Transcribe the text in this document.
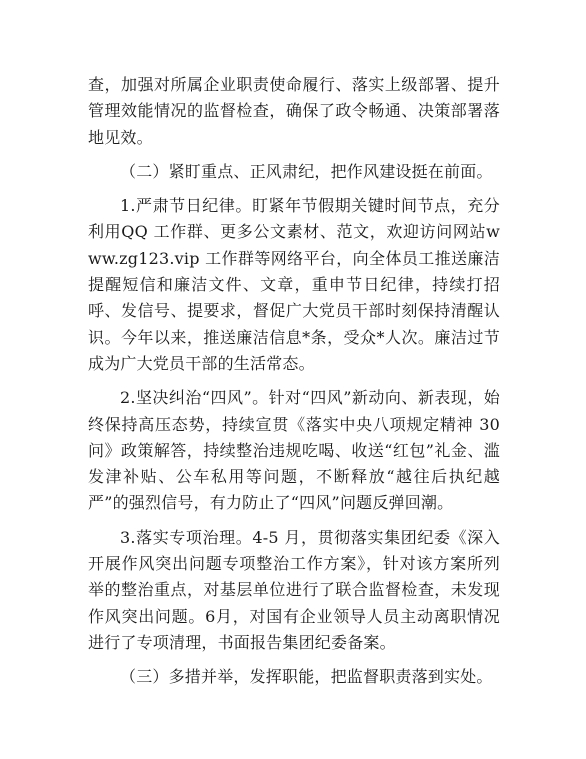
查，加强对所属企业职责使命履行、落实上级部署、提升管理效能情况的监督检查，确保了政令畅通、决策部署落地见效。

（二）紧盯重点、正风肃纪，把作风建设挺在前面。

1.严肃节日纪律。盯紧年节假期关键时间节点，充分利用QQ 工作群、更多公文素材、范文，欢迎访问网站www.zg123.vip 工作群等网络平台，向全体员工推送廉洁提醒短信和廉洁文件、文章，重申节日纪律，持续打招呼、发信号、提要求，督促广大党员干部时刻保持清醒认识。今年以来，推送廉洁信息*条，受众*人次。廉洁过节成为广大党员干部的生活常态。

2.坚决纠治“四风”。针对“四风”新动向、新表现，始终保持高压态势，持续宣贯《落实中央八项规定精神 30 问》政策解答，持续整治违规吃喝、收送“红包”礼金、滥发津补贴、公车私用等问题，不断释放“越往后执纪越严”的强烈信号，有力防止了“四风”问题反弹回潮。

3.落实专项治理。4-5 月，贯彻落实集团纪委《深入开展作风突出问题专项整治工作方案》，针对该方案所列举的整治重点，对基层单位进行了联合监督检查，未发现作风突出问题。6月，对国有企业领导人员主动离职情况进行了专项清理，书面报告集团纪委备案。

（三）多措并举，发挥职能，把监督职责落到实处。
